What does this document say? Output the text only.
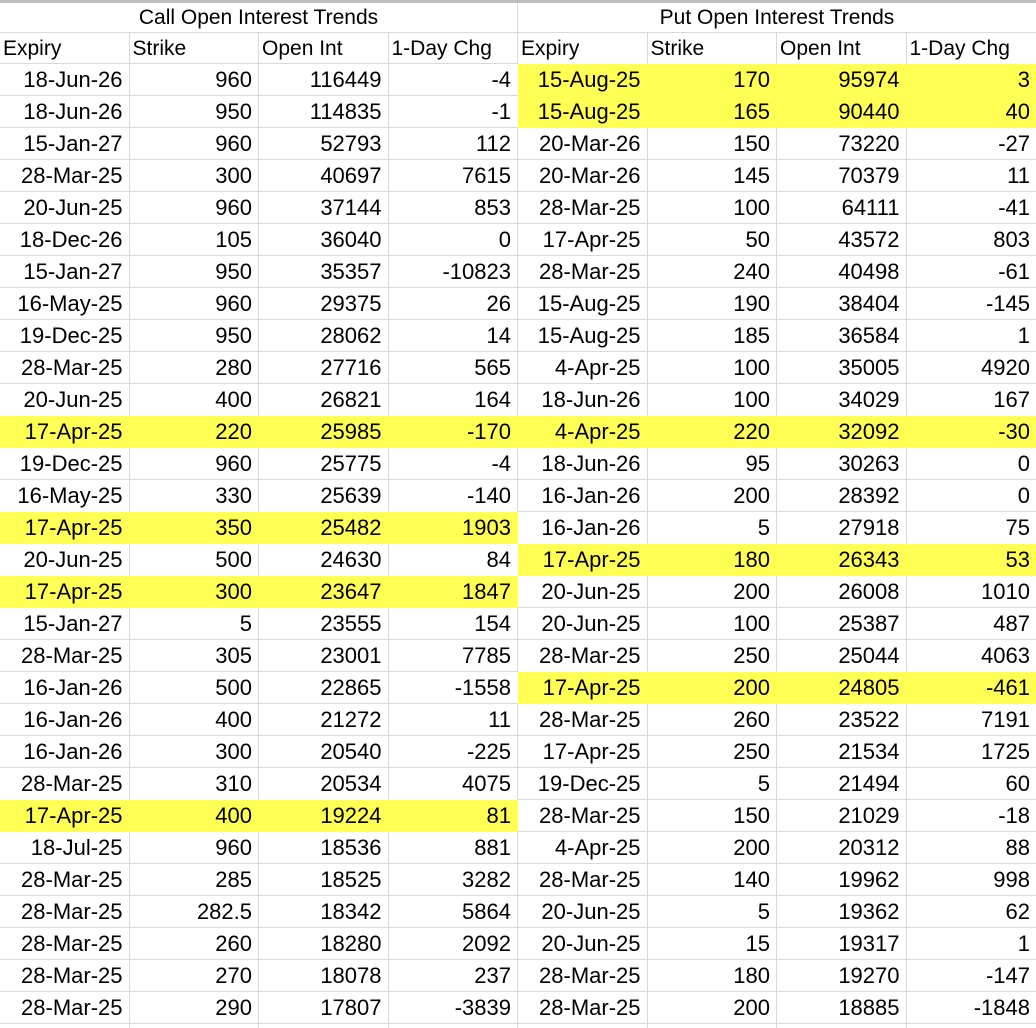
Call Open Interest Trends	Put Open Interest Trends
Expiry	Strike	Open Int	1-Day Chg	Expiry	Strike	Open Int	1-Day Chg
18-Jun-26	960	116449	-4	15-Aug-25	170	95974	3
18-Jun-26	950	114835	-1	15-Aug-25	165	90440	40
15-Jan-27	960	52793	112	20-Mar-26	150	73220	-27
28-Mar-25	300	40697	7615	20-Mar-26	145	70379	11
20-Jun-25	960	37144	853	28-Mar-25	100	64111	-41
18-Dec-26	105	36040	0	17-Apr-25	50	43572	803
15-Jan-27	950	35357	-10823	28-Mar-25	240	40498	-61
16-May-25	960	29375	26	15-Aug-25	190	38404	-145
19-Dec-25	950	28062	14	15-Aug-25	185	36584	1
28-Mar-25	280	27716	565	4-Apr-25	100	35005	4920
20-Jun-25	400	26821	164	18-Jun-26	100	34029	167
17-Apr-25	220	25985	-170	4-Apr-25	220	32092	-30
19-Dec-25	960	25775	-4	18-Jun-26	95	30263	0
16-May-25	330	25639	-140	16-Jan-26	200	28392	0
17-Apr-25	350	25482	1903	16-Jan-26	5	27918	75
20-Jun-25	500	24630	84	17-Apr-25	180	26343	53
17-Apr-25	300	23647	1847	20-Jun-25	200	26008	1010
15-Jan-27	5	23555	154	20-Jun-25	100	25387	487
28-Mar-25	305	23001	7785	28-Mar-25	250	25044	4063
16-Jan-26	500	22865	-1558	17-Apr-25	200	24805	-461
16-Jan-26	400	21272	11	28-Mar-25	260	23522	7191
16-Jan-26	300	20540	-225	17-Apr-25	250	21534	1725
28-Mar-25	310	20534	4075	19-Dec-25	5	21494	60
17-Apr-25	400	19224	81	28-Mar-25	150	21029	-18
18-Jul-25	960	18536	881	4-Apr-25	200	20312	88
28-Mar-25	285	18525	3282	28-Mar-25	140	19962	998
28-Mar-25	282.5	18342	5864	20-Jun-25	5	19362	62
28-Mar-25	260	18280	2092	20-Jun-25	15	19317	1
28-Mar-25	270	18078	237	28-Mar-25	180	19270	-147
28-Mar-25	290	17807	-3839	28-Mar-25	200	18885	-1848
